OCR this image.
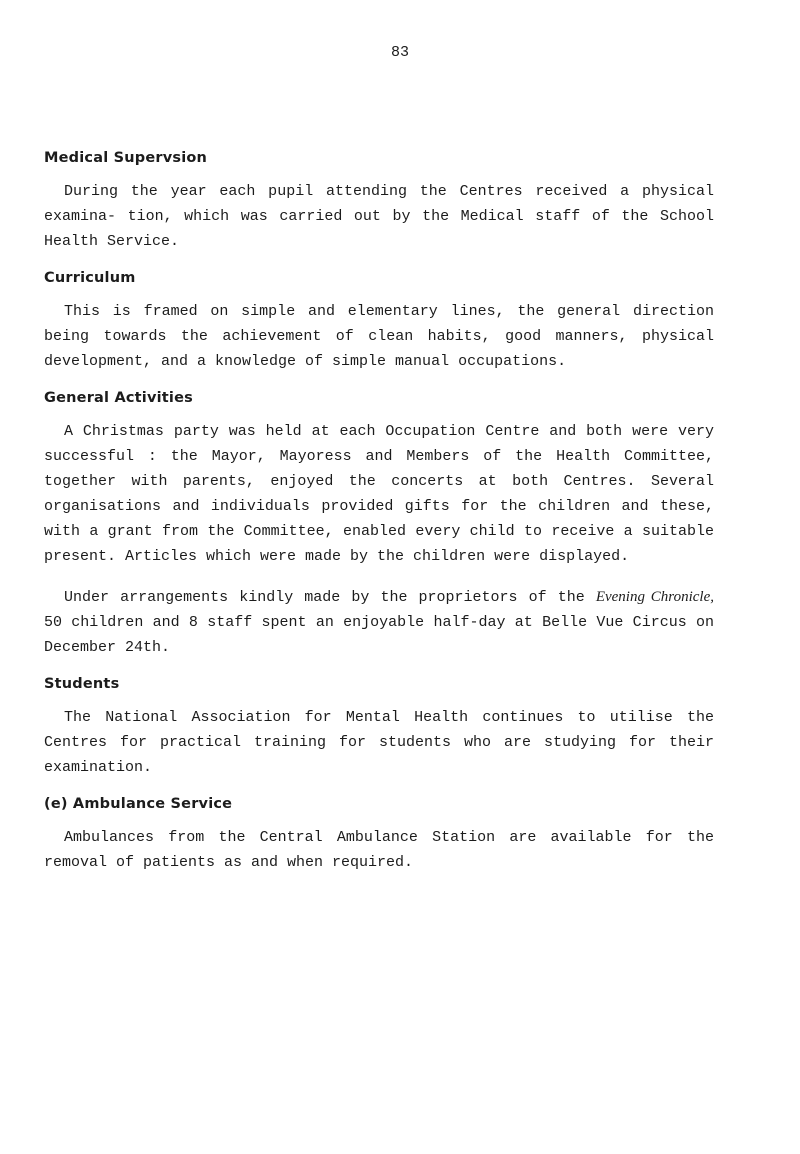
83
Medical Supervsion

During the year each pupil attending the Centres received a physical examina- tion, which was carried out by the Medical staff of the School Health Service.

Curriculum

This is framed on simple and elementary lines, the general direction being towards the achievement of clean habits, good manners, physical development, and a knowledge of simple manual occupations.

General Activities

A Christmas party was held at each Occupation Centre and both were very successful : the Mayor, Mayoress and Members of the Health Committee, together with parents, enjoyed the concerts at both Centres. Several organisations and individuals provided gifts for the children and these, with a grant from the Committee, enabled every child to receive a suitable present. Articles which were made by the children were displayed.

Under arrangements kindly made by the proprietors of the Evening Chronicle, 50 children and 8 staff spent an enjoyable half-day at Belle Vue Circus on December 24th.

Students

The National Association for Mental Health continues to utilise the Centres for practical training for students who are studying for their examination.

(e) Ambulance Service

Ambulances from the Central Ambulance Station are available for the removal of patients as and when required.
